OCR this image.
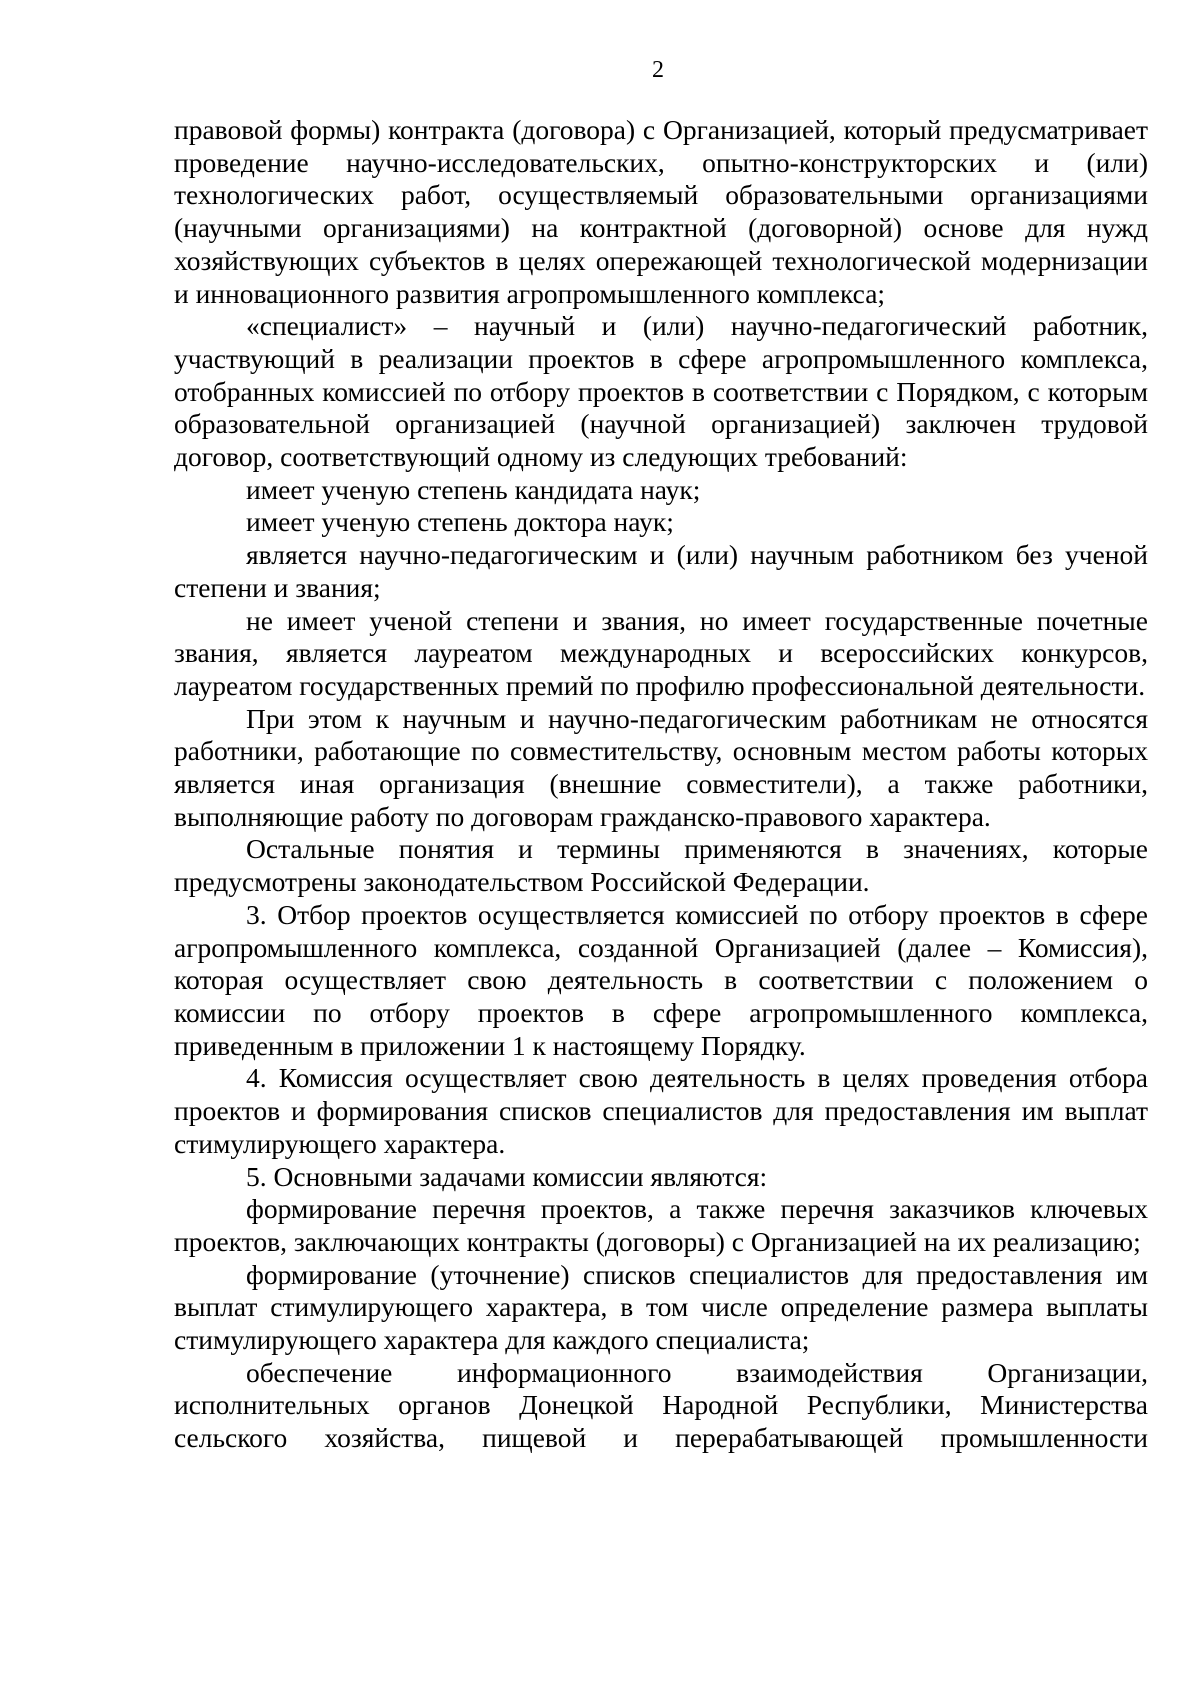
2

правовой формы) контракта (договора) с Организацией, который предусматривает проведение научно-исследовательских, опытно-конструкторских и (или) технологических работ, осуществляемый образовательными организациями (научными организациями) на контрактной (договорной) основе для нужд хозяйствующих субъектов в целях опережающей технологической модернизации и инновационного развития агропромышленного комплекса;

«специалист» – научный и (или) научно-педагогический работник, участвующий в реализации проектов в сфере агропромышленного комплекса, отобранных комиссией по отбору проектов в соответствии с Порядком, с которым образовательной организацией (научной организацией) заключен трудовой договор, соответствующий одному из следующих требований:

имеет ученую степень кандидата наук;

имеет ученую степень доктора наук;

является научно-педагогическим и (или) научным работником без ученой степени и звания;

не имеет ученой степени и звания, но имеет государственные почетные звания, является лауреатом международных и всероссийских конкурсов, лауреатом государственных премий по профилю профессиональной деятельности.

При этом к научным и научно-педагогическим работникам не относятся работники, работающие по совместительству, основным местом работы которых является иная организация (внешние совместители), а также работники, выполняющие работу по договорам гражданско-правового характера.

Остальные понятия и термины применяются в значениях, которые предусмотрены законодательством Российской Федерации.

3. Отбор проектов осуществляется комиссией по отбору проектов в сфере агропромышленного комплекса, созданной Организацией (далее – Комиссия), которая осуществляет свою деятельность в соответствии с положением о комиссии по отбору проектов в сфере агропромышленного комплекса, приведенным в приложении 1 к настоящему Порядку.

4. Комиссия осуществляет свою деятельность в целях проведения отбора проектов и формирования списков специалистов для предоставления им выплат стимулирующего характера.

5. Основными задачами комиссии являются:

формирование перечня проектов, а также перечня заказчиков ключевых проектов, заключающих контракты (договоры) с Организацией на их реализацию;

формирование (уточнение) списков специалистов для предоставления им выплат стимулирующего характера, в том числе определение размера выплаты стимулирующего характера для каждого специалиста;

обеспечение информационного взаимодействия Организации, исполнительных органов Донецкой Народной Республики, Министерства сельского хозяйства, пищевой и перерабатывающей промышленности
